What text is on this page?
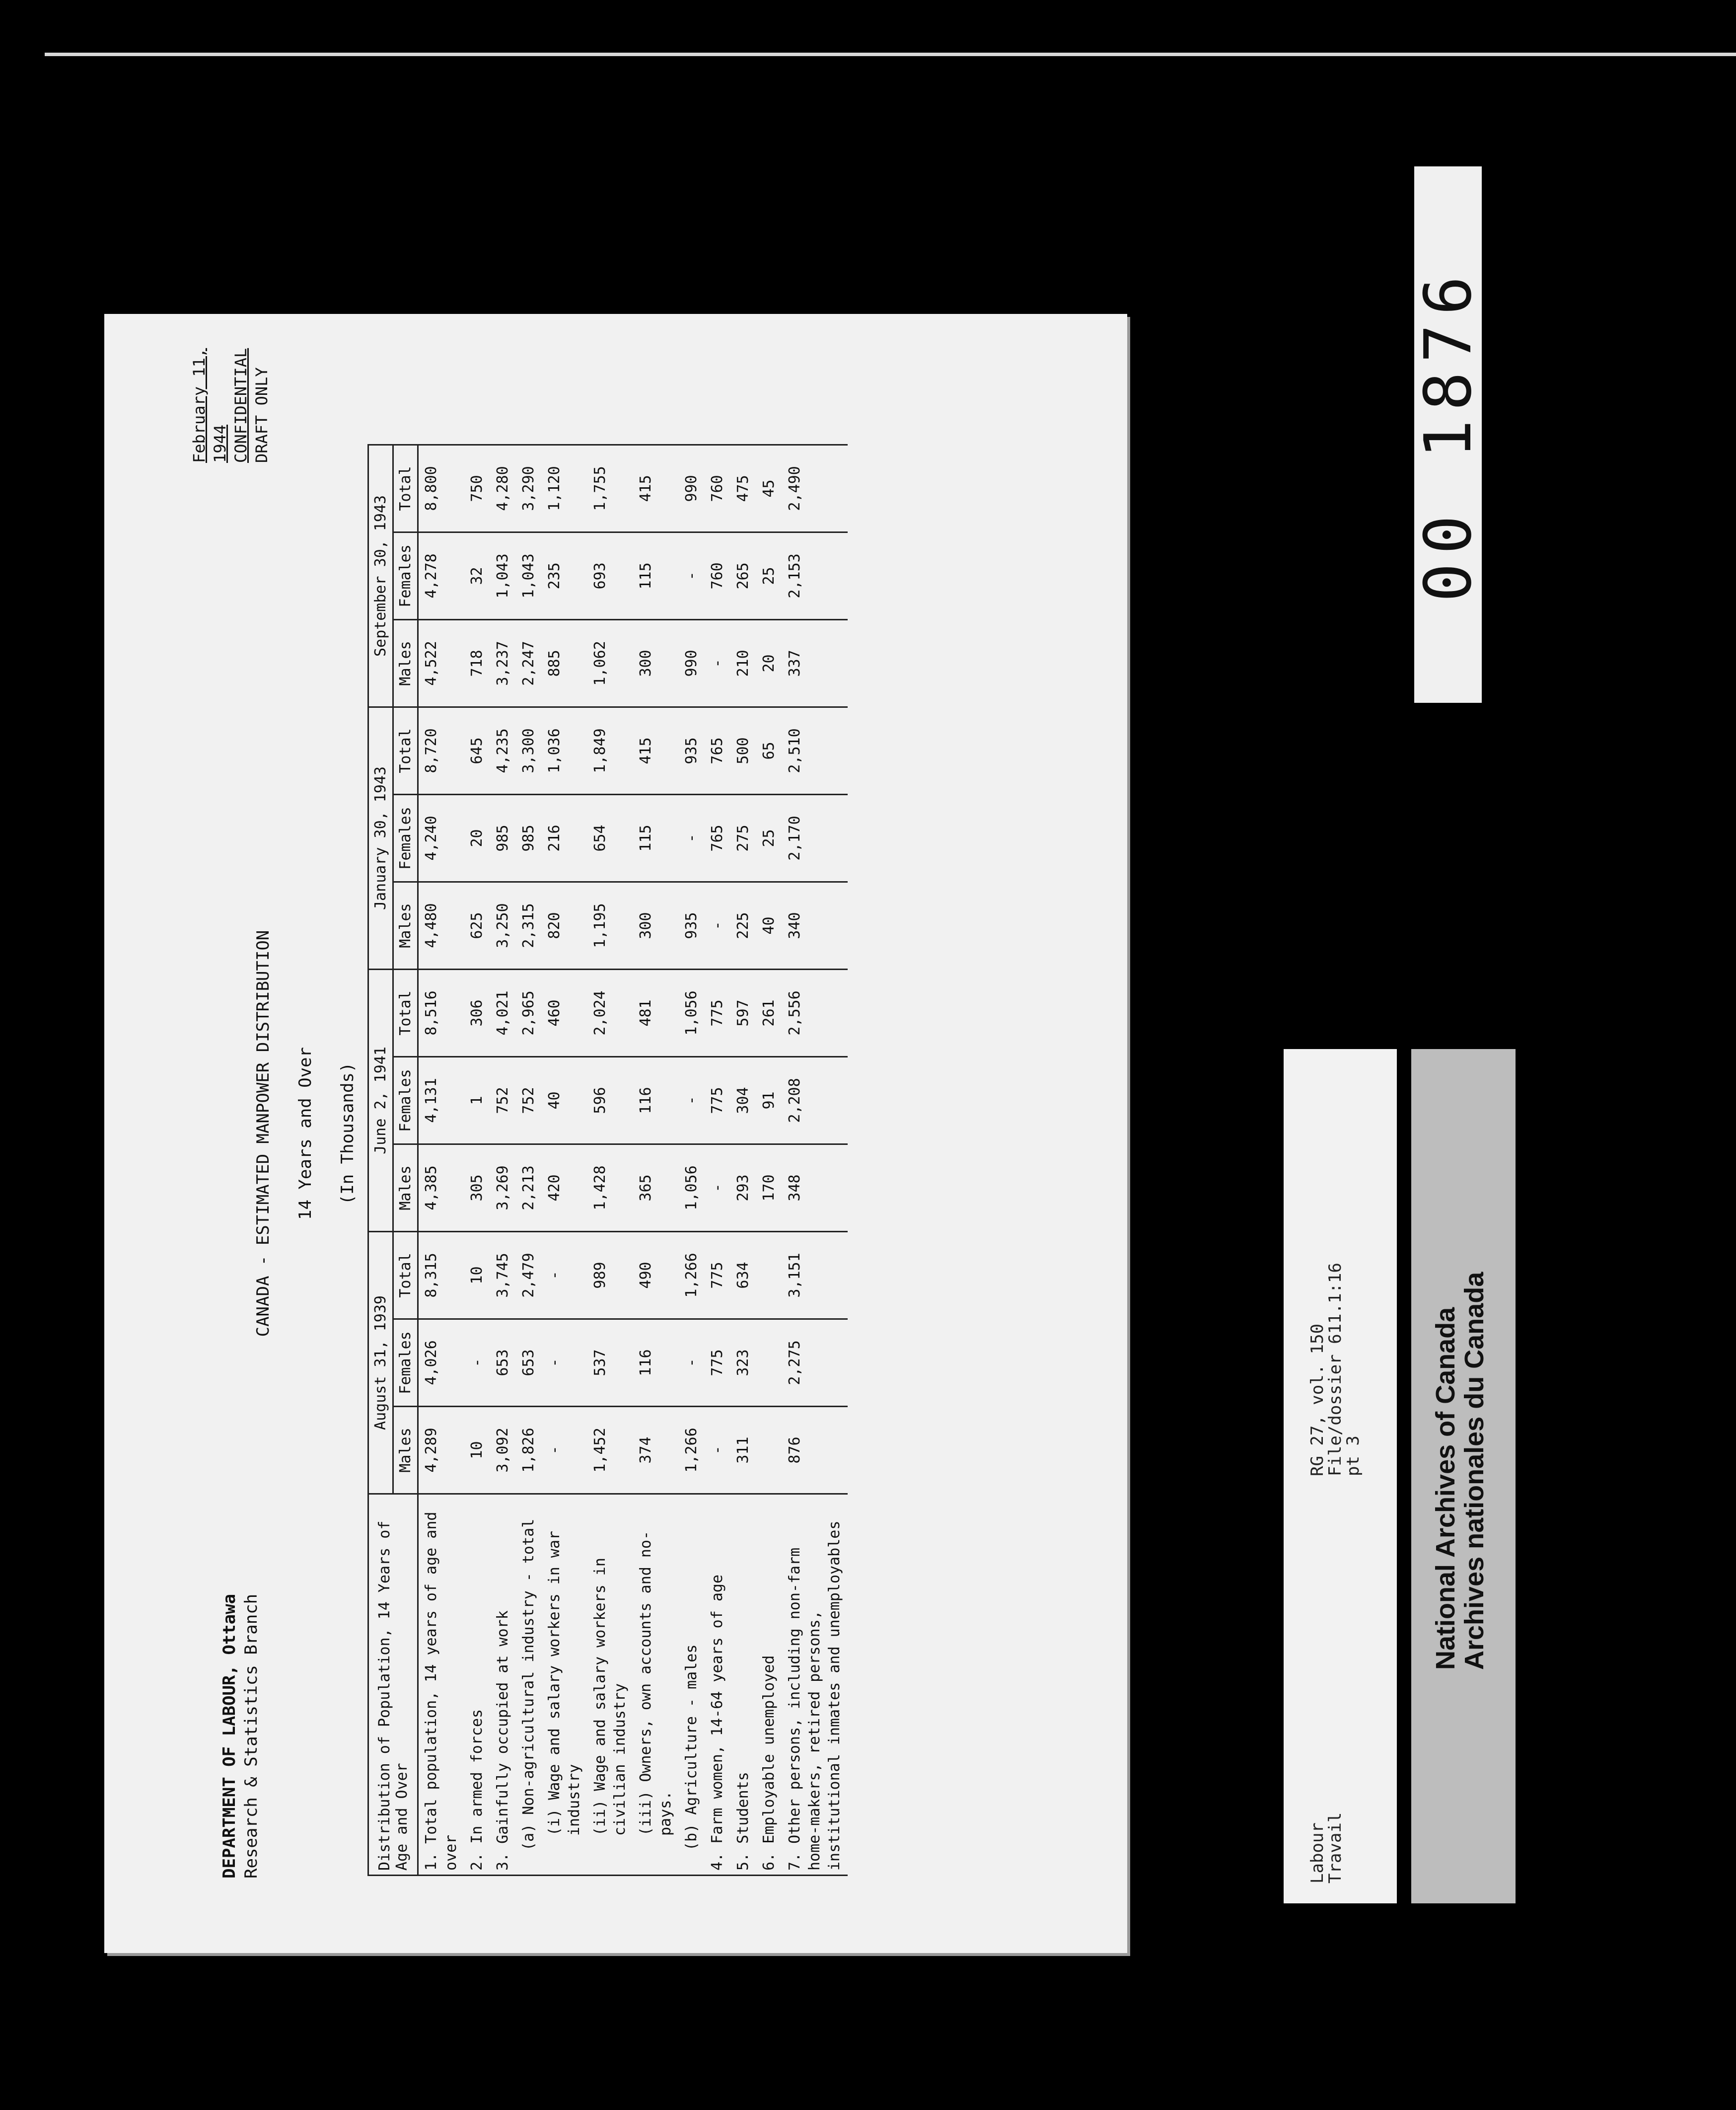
DEPARTMENT OF LABOUR, Ottawa Research & Statistics Branch
February 11, 1944 CONFIDENTIAL DRAFT ONLY
CANADA - ESTIMATED MANPOWER DISTRIBUTION 14 Years and Over (In Thousands)
Distribution of Population, 14 Years of Age and Over	August 31, 1939			June 2, 1941			January 30, 1943			September 30, 1943		
	Males	Females	Total	Males	Females	Total	Males	Females	Total	Males	Females	Total
1. Total population, 14 years of age and over	4,289	4,026	8,315	4,385	4,131	8,516	4,480	4,240	8,720	4,522	4,278	8,800
2. In armed forces	10	-	10	305	1	306	625	20	645	718	32	750
3. Gainfully occupied at work	3,092	653	3,745	3,269	752	4,021	3,250	985	4,235	3,237	1,043	4,280

(a) Non-agricultural industry - total	1,826	653	2,479	2,213	752	2,965	2,315	985	3,300	2,247	1,043	3,290

(i) Wage and salary workers in war industry	-	-	-	420	40	460	820	216	1,036	885	235	1,120

(ii) Wage and salary workers in civilian industry	1,452	537	989	1,428	596	2,024	1,195	654	1,849	1,062	693	1,755

(iii) Owners, own accounts and no-pays.	374	116	490	365	116	481	300	115	415	300	115	415

(b) Agriculture - males	1,266	-	1,266	1,056	-	1,056	935	-	935	990	-	990
4. Farm women, 14-64 years of age	-	775	775	-	775	775	-	765	765	-	760	760
5. Students	311	323	634	293	304	597	225	275	500	210	265	475
6. Employable unemployed				170	91	261	40	25	65	20	25	45
7. Other persons, including non-farm home-makers, retired persons, institutional inmates and unemployables	876	2,275	3,151	348	2,208	2,556	340	2,170	2,510	337	2,153	2,490	00 1876
Labour
Travail
RG 27, vol. 150
File/dossier 611.1:16
pt 3	National Archives of Canada
Archives nationales du Canada
